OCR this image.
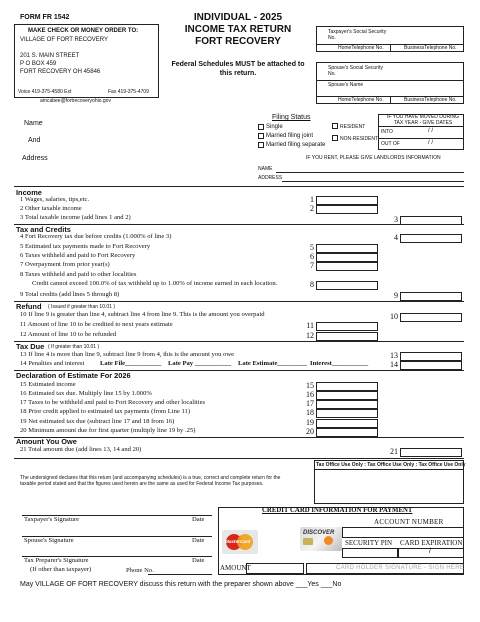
FORM FR 1542
MAKE CHECK OR MONEY ORDER TO:
VILLAGE OF FORT RECOVERY
201 S. MAIN STREET
P O BOX 459
FORT RECOVERY OH 45846
Voice 419-375-4580 Ext	Fax 419-375-4709
amcabee@fortrecoveryohio.gov
INDIVIDUAL - 2025
INCOME TAX RETURN
FORT RECOVERY
Federal Schedules MUST be attached to this return.
Taxpayer's Social Security No.
HomeTelephone No.	BusinessTelephone No.
Spouse's Social Security No.
Spouse's Name
HomeTelephone No.	BusinessTelephone No.
Name
And
Address
Filing Status
Single
Married filing joint
Married filing separate
RESIDENT
NON-RESIDENT
IF YOU HAVE MOVED DURING TAX YEAR - GIVE DATES
INTO	/ /
OUT OF	/ /
IF YOU RENT, PLEASE GIVE LANDLORDS INFORMATION
NAME
ADDRESS
Income
1 Wages, salaries, tips,etc.	1
2 Other taxable income	2
3 Total taxable income (add lines 1 and 2)	3
Tax and Credits
4 Fort Recovery tax due before credits (1.000% of line 3)	4
5 Estimated tax payments made to Fort Recovery	5
6 Taxes withheld and paid to Fort Recovery	6
7 Overpayment from prior year(s)	7
8 Taxes withheld and paid to other localities
Credit cannot exceed 100.0% of tax withheld up to 1.00% of income earned in each location.	8
9 Total credits (add lines 5 through 8)	9
Refund ( Issued if greater than 10.01 )
10 If line 9 is greater than line 4, subtract line 4 from line 9. This is the amount you overpaid	10
11 Amount of line 10 to be credited to next years estimate	11
12 Amount of line 10 to be refunded	12
Tax Due ( If greater than 10.01 )
13 If line 4 is more than line 9, subtract line 9 from 4, this is the amount you owe	13
14 Penalties and interest Late File___________ Late Pay ___________ Late Estimate_________ Interest___________	14
Declaration of Estimate For 2026
15 Estimated income	15
16 Estimated tax due. Multiply line 15 by 1.000%	16
17 Taxes to be withheld and paid to Fort Recovery and other localities	17
18 Prior credit applied to estimated tax payments (from Line 11)	18
19 Net estimated tax due (subtract line 17 and 18 from 16)	19
20 Minimum amount due for first quarter (multiply line 19 by .25)	20
Amount You Owe
21 Total amount due (add lines 13, 14 and 20)	21
Tax Office Use Only : Tax Office Use Only : Tax Office Use Only
The undersigned declares that this return (and accompanying schedules) is a true, correct and complete return for the taxable period stated and that the figures used herein are the same as used for Federal Income Tax purposes.
Taxpayer's Signature	Date
Spouse's Signature	Date
Tax Preparer's Signature	Date
(If other than taxpayer)	Phone No.
CREDIT CARD INFORMATION FOR PAYMENT
MasterCard
DISCOVER
ACCOUNT NUMBER
SECURITY PIN CARD EXPIRATION
/
AMOUNT	CARD HOLDER SIGNATURE - SIGN HERE
May VILLAGE OF FORT RECOVERY discuss this return with the preparer shown above ___Yes ___No
